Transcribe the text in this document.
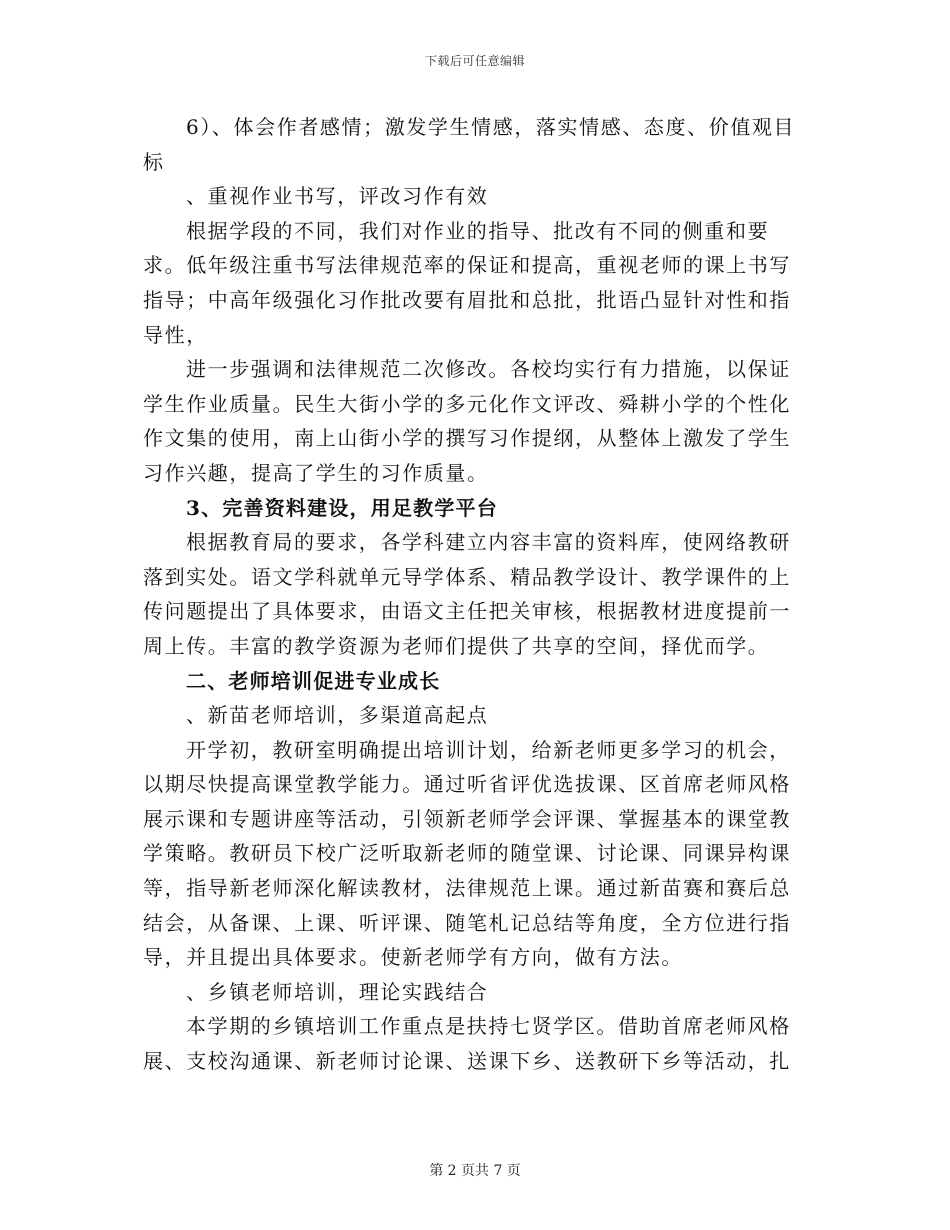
下载后可任意编辑

6）、体会作者感情；激发学生情感，落实情感、态度、价值观目标

、重视作业书写，评改习作有效

根据学段的不同，我们对作业的指导、批改有不同的侧重和要求。低年级注重书写法律规范率的保证和提高，重视老师的课上书写指导；中高年级强化习作批改要有眉批和总批，批语凸显针对性和指导性，

进一步强调和法律规范二次修改。各校均实行有力措施，以保证学生作业质量。民生大街小学的多元化作文评改、舜耕小学的个性化作文集的使用，南上山街小学的撰写习作提纲，从整体上激发了学生习作兴趣，提高了学生的习作质量。

3、完善资料建设，用足教学平台

根据教育局的要求，各学科建立内容丰富的资料库，使网络教研落到实处。语文学科就单元导学体系、精品教学设计、教学课件的上传问题提出了具体要求，由语文主任把关审核，根据教材进度提前一周上传。丰富的教学资源为老师们提供了共享的空间，择优而学。

二、老师培训促进专业成长

、新苗老师培训，多渠道高起点

开学初，教研室明确提出培训计划，给新老师更多学习的机会，以期尽快提高课堂教学能力。通过听省评优选拔课、区首席老师风格展示课和专题讲座等活动，引领新老师学会评课、掌握基本的课堂教学策略。教研员下校广泛听取新老师的随堂课、讨论课、同课异构课等，指导新老师深化解读教材，法律规范上课。通过新苗赛和赛后总结会，从备课、上课、听评课、随笔札记总结等角度，全方位进行指导，并且提出具体要求。使新老师学有方向，做有方法。

、乡镇老师培训，理论实践结合

本学期的乡镇培训工作重点是扶持七贤学区。借助首席老师风格展、支校沟通课、新老师讨论课、送课下乡、送教研下乡等活动，扎

第 2 页共 7 页
